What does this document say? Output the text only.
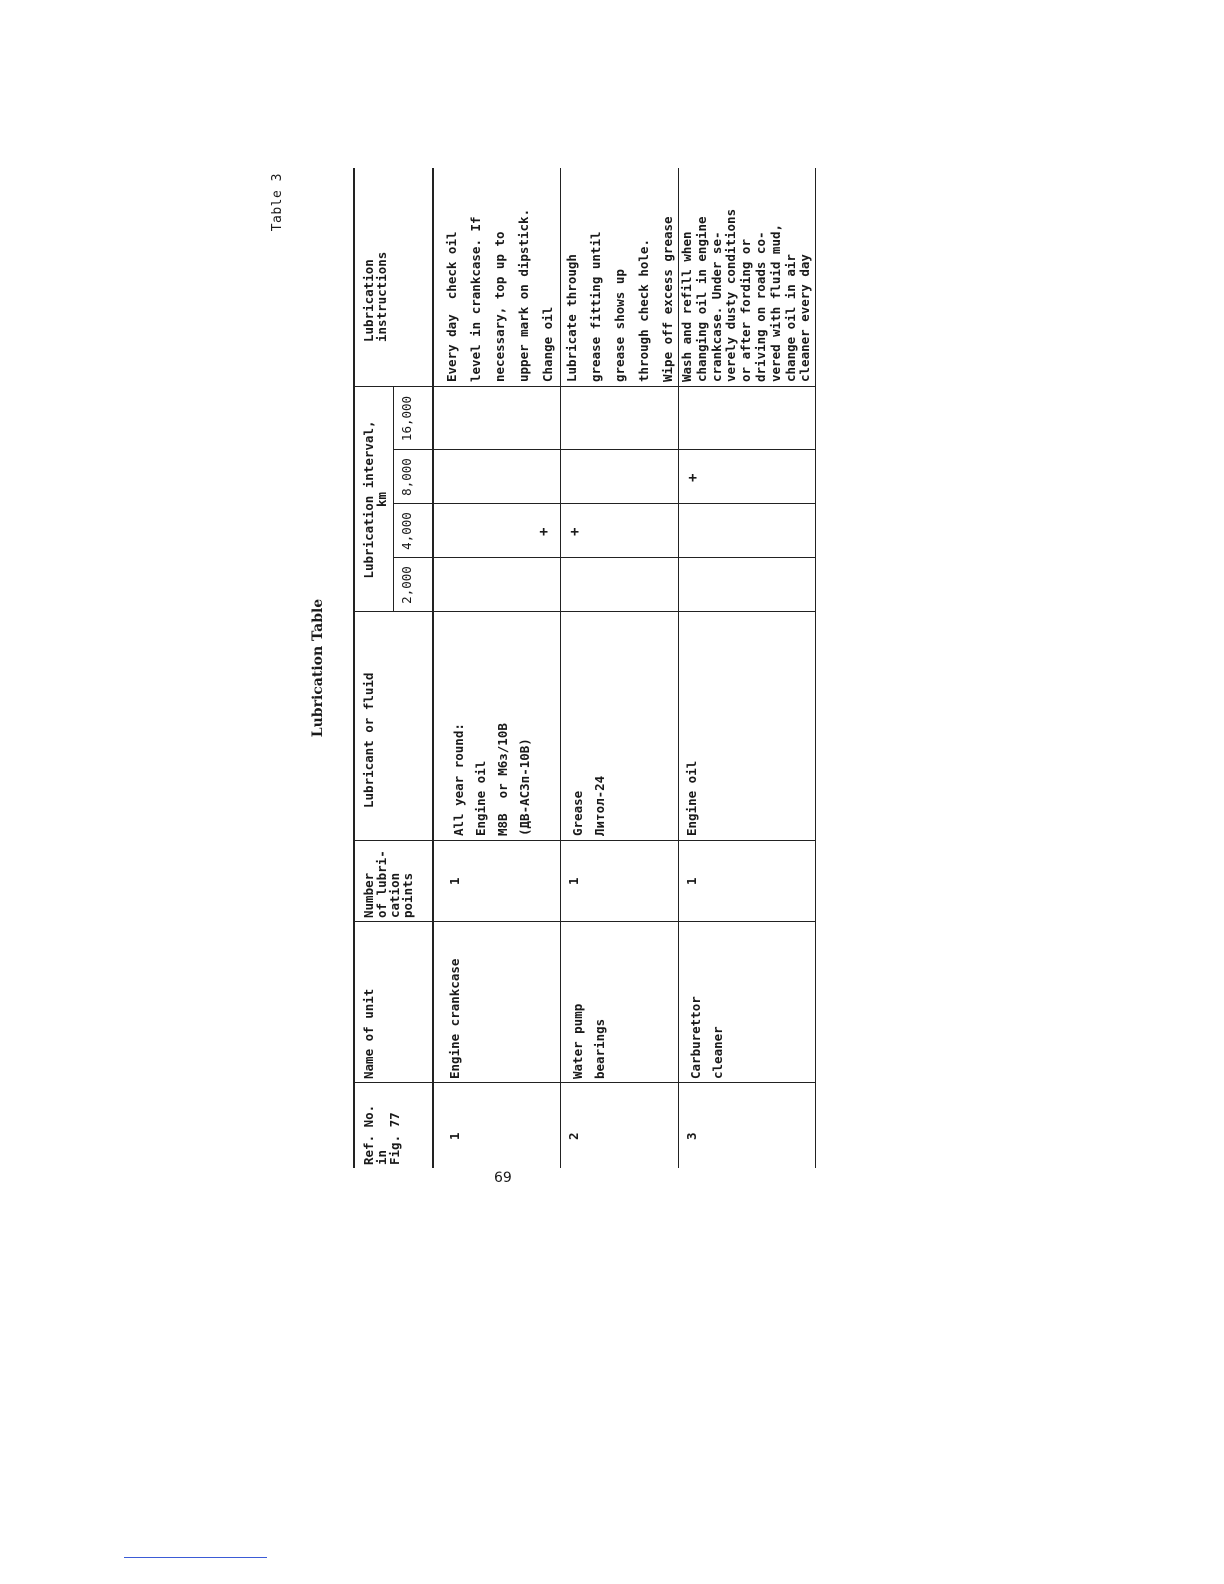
Table 3
Lubrication Table
Ref. No.
in
Fig. 77
Name of unit
Number
of lubri-
cation
points
Lubricant or fluid
Lubrication interval,
km
2,000
4,000
8,000
16,000
Lubrication
instructions
1
Engine crankcase
1
All year round:
Engine oil
М8В  or М6з/10В
(ДВ-АСЗп-10В)
+
Every day  check oil
level in crankcase. If
necessary, top up to
upper mark on dipstick.
Change oil
2
Water pump
bearings
1
Grease
Литол-24
+
Lubricate through
grease fitting until
grease shows up
through check hole.
Wipe off excess grease
3
Carburettor
cleaner
1
Engine oil
+
Wash and refill when
changing oil in engine
crankcase. Under se-
verely dusty conditions
or after fording or
driving on roads co-
vered with fluid mud,
change oil in air
cleaner every day
69
